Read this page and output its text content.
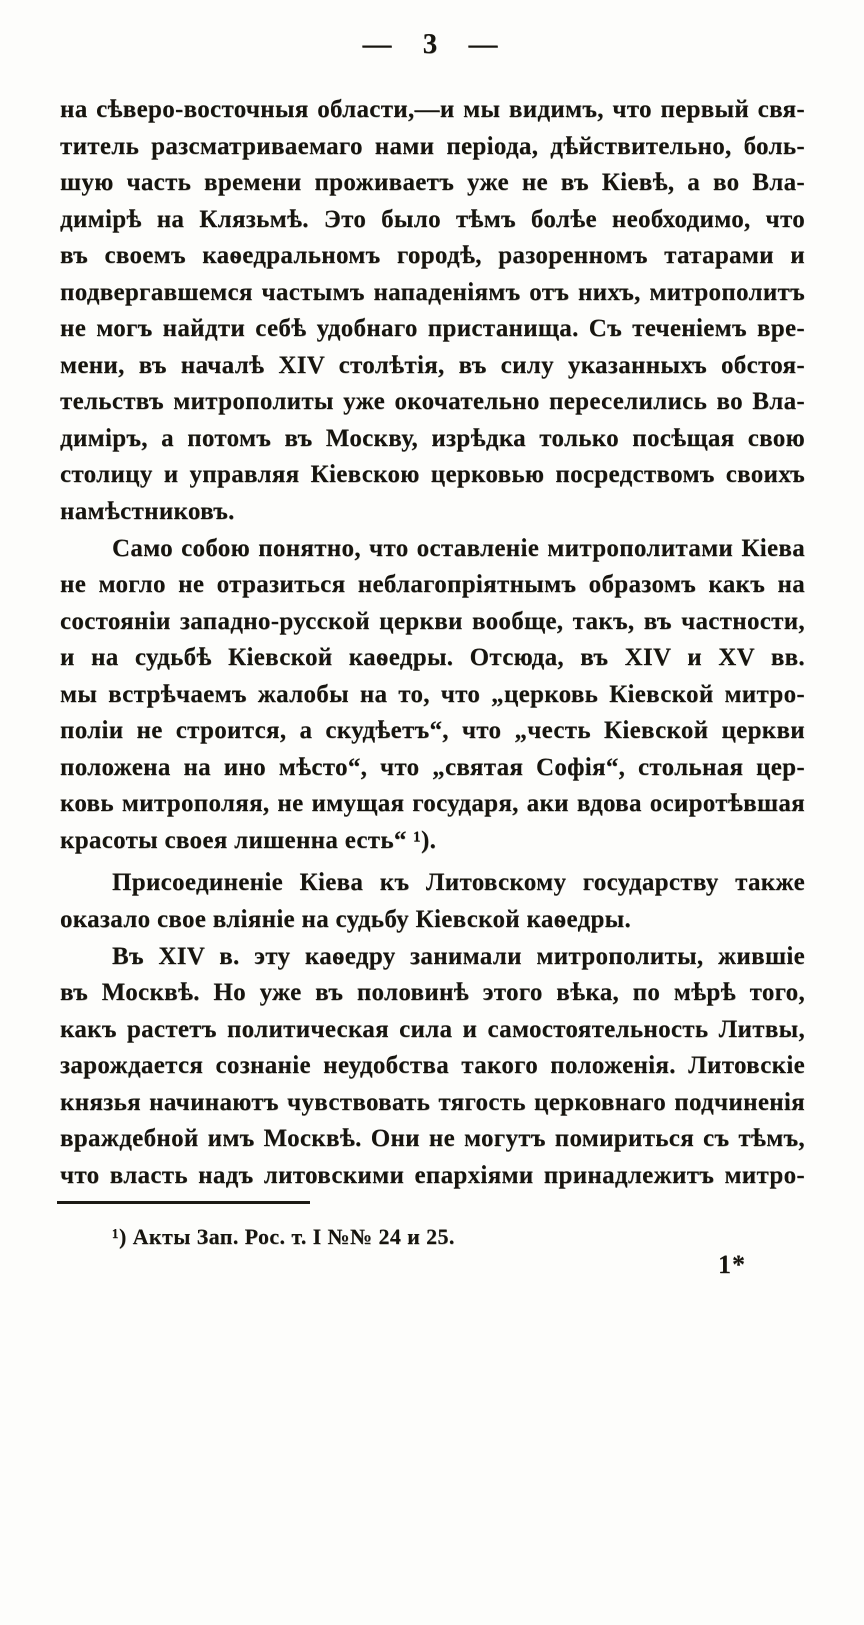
— 3 —
на сѣверо-восточныя области,—и мы видимъ, что первый свя-
титель разсматриваемаго нами періода, дѣйствительно, боль-
шую часть времени проживаетъ уже не въ Кіевѣ, а во Вла-
димірѣ на Клязьмѣ. Это было тѣмъ болѣе необходимо, что
въ своемъ каѳедральномъ городѣ, разоренномъ татарами и
подвергавшемся частымъ нападеніямъ отъ нихъ, митрополитъ
не могъ найдти себѣ удобнаго пристанища. Съ теченіемъ вре-
мени, въ началѣ XIV столѣтія, въ силу указанныхъ обстоя-
тельствъ митрополиты уже окочательно переселились во Вла-
диміръ, а потомъ въ Москву, изрѣдка только посѣщая свою
столицу и управляя Кіевскою церковью посредствомъ своихъ
намѣстниковъ.
Само собою понятно, что оставленіе митрополитами Кіева
не могло не отразиться неблагопріятнымъ образомъ какъ на
состояніи западно-русской церкви вообще, такъ, въ частности,
и на судьбѣ Кіевской каѳедры. Отсюда, въ XIV и XV вв.
мы встрѣчаемъ жалобы на то, что „церковь Кіевской митро-
поліи не строится, а скудѣетъ“, что „честь Кіевской церкви
положена на ино мѣсто“, что „святая Софія“, стольная цер-
ковь митрополяя, не имущая государя, аки вдова осиротѣвшая
красоты своея лишенна есть“ ¹).
Присоединеніе Кіева къ Литовскому государству также
оказало свое вліяніе на судьбу Кіевской каѳедры.
Въ XIV в. эту каѳедру занимали митрополиты, жившіе
въ Москвѣ. Но уже въ половинѣ этого вѣка, по мѣрѣ того,
какъ растетъ политическая сила и самостоятельность Литвы,
зарождается сознаніе неудобства такого положенія. Литовскіе
князья начинаютъ чувствовать тягость церковнаго подчиненія
враждебной имъ Москвѣ. Они не могутъ помириться съ тѣмъ,
что власть надъ литовскими епархіями принадлежитъ митро-
¹) Акты Зап. Рос. т. I №№ 24 и 25.
1*
